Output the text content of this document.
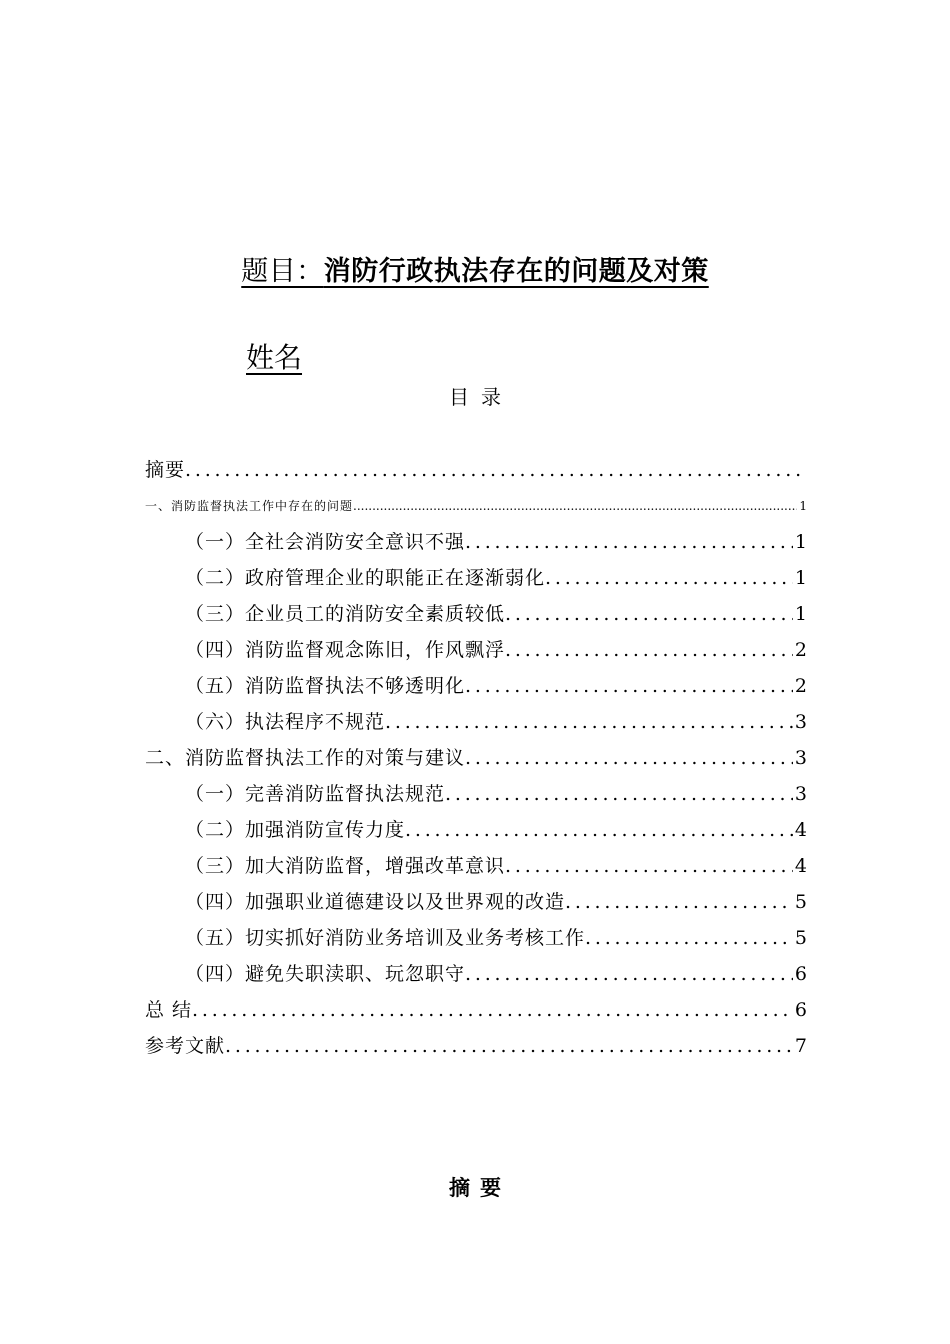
题目：消防行政执法存在的问题及对策
姓名
目录
摘要
.....
一、消防监督执法工作中存在的问题 .....	1
（一）全社会消防安全意识不强 .....	1
（二）政府管理企业的职能正在逐渐弱化 .....	1
（三）企业员工的消防安全素质较低 .....	1
（四）消防监督观念陈旧，作风飘浮 .....	2
（五）消防监督执法不够透明化 .....	2
（六）执法程序不规范 .....	3
二、消防监督执法工作的对策与建议 .....	3
（一）完善消防监督执法规范 .....	3
（二）加强消防宣传力度 .....	4
（三）加大消防监督，增强改革意识 .....	4
（四）加强职业道德建设以及世界观的改造 .....	5
（五）切实抓好消防业务培训及业务考核工作 .....	5
（四）避免失职渎职、玩忽职守 .....	6
总 结 .....	6
参考文献 .....	7
摘要
